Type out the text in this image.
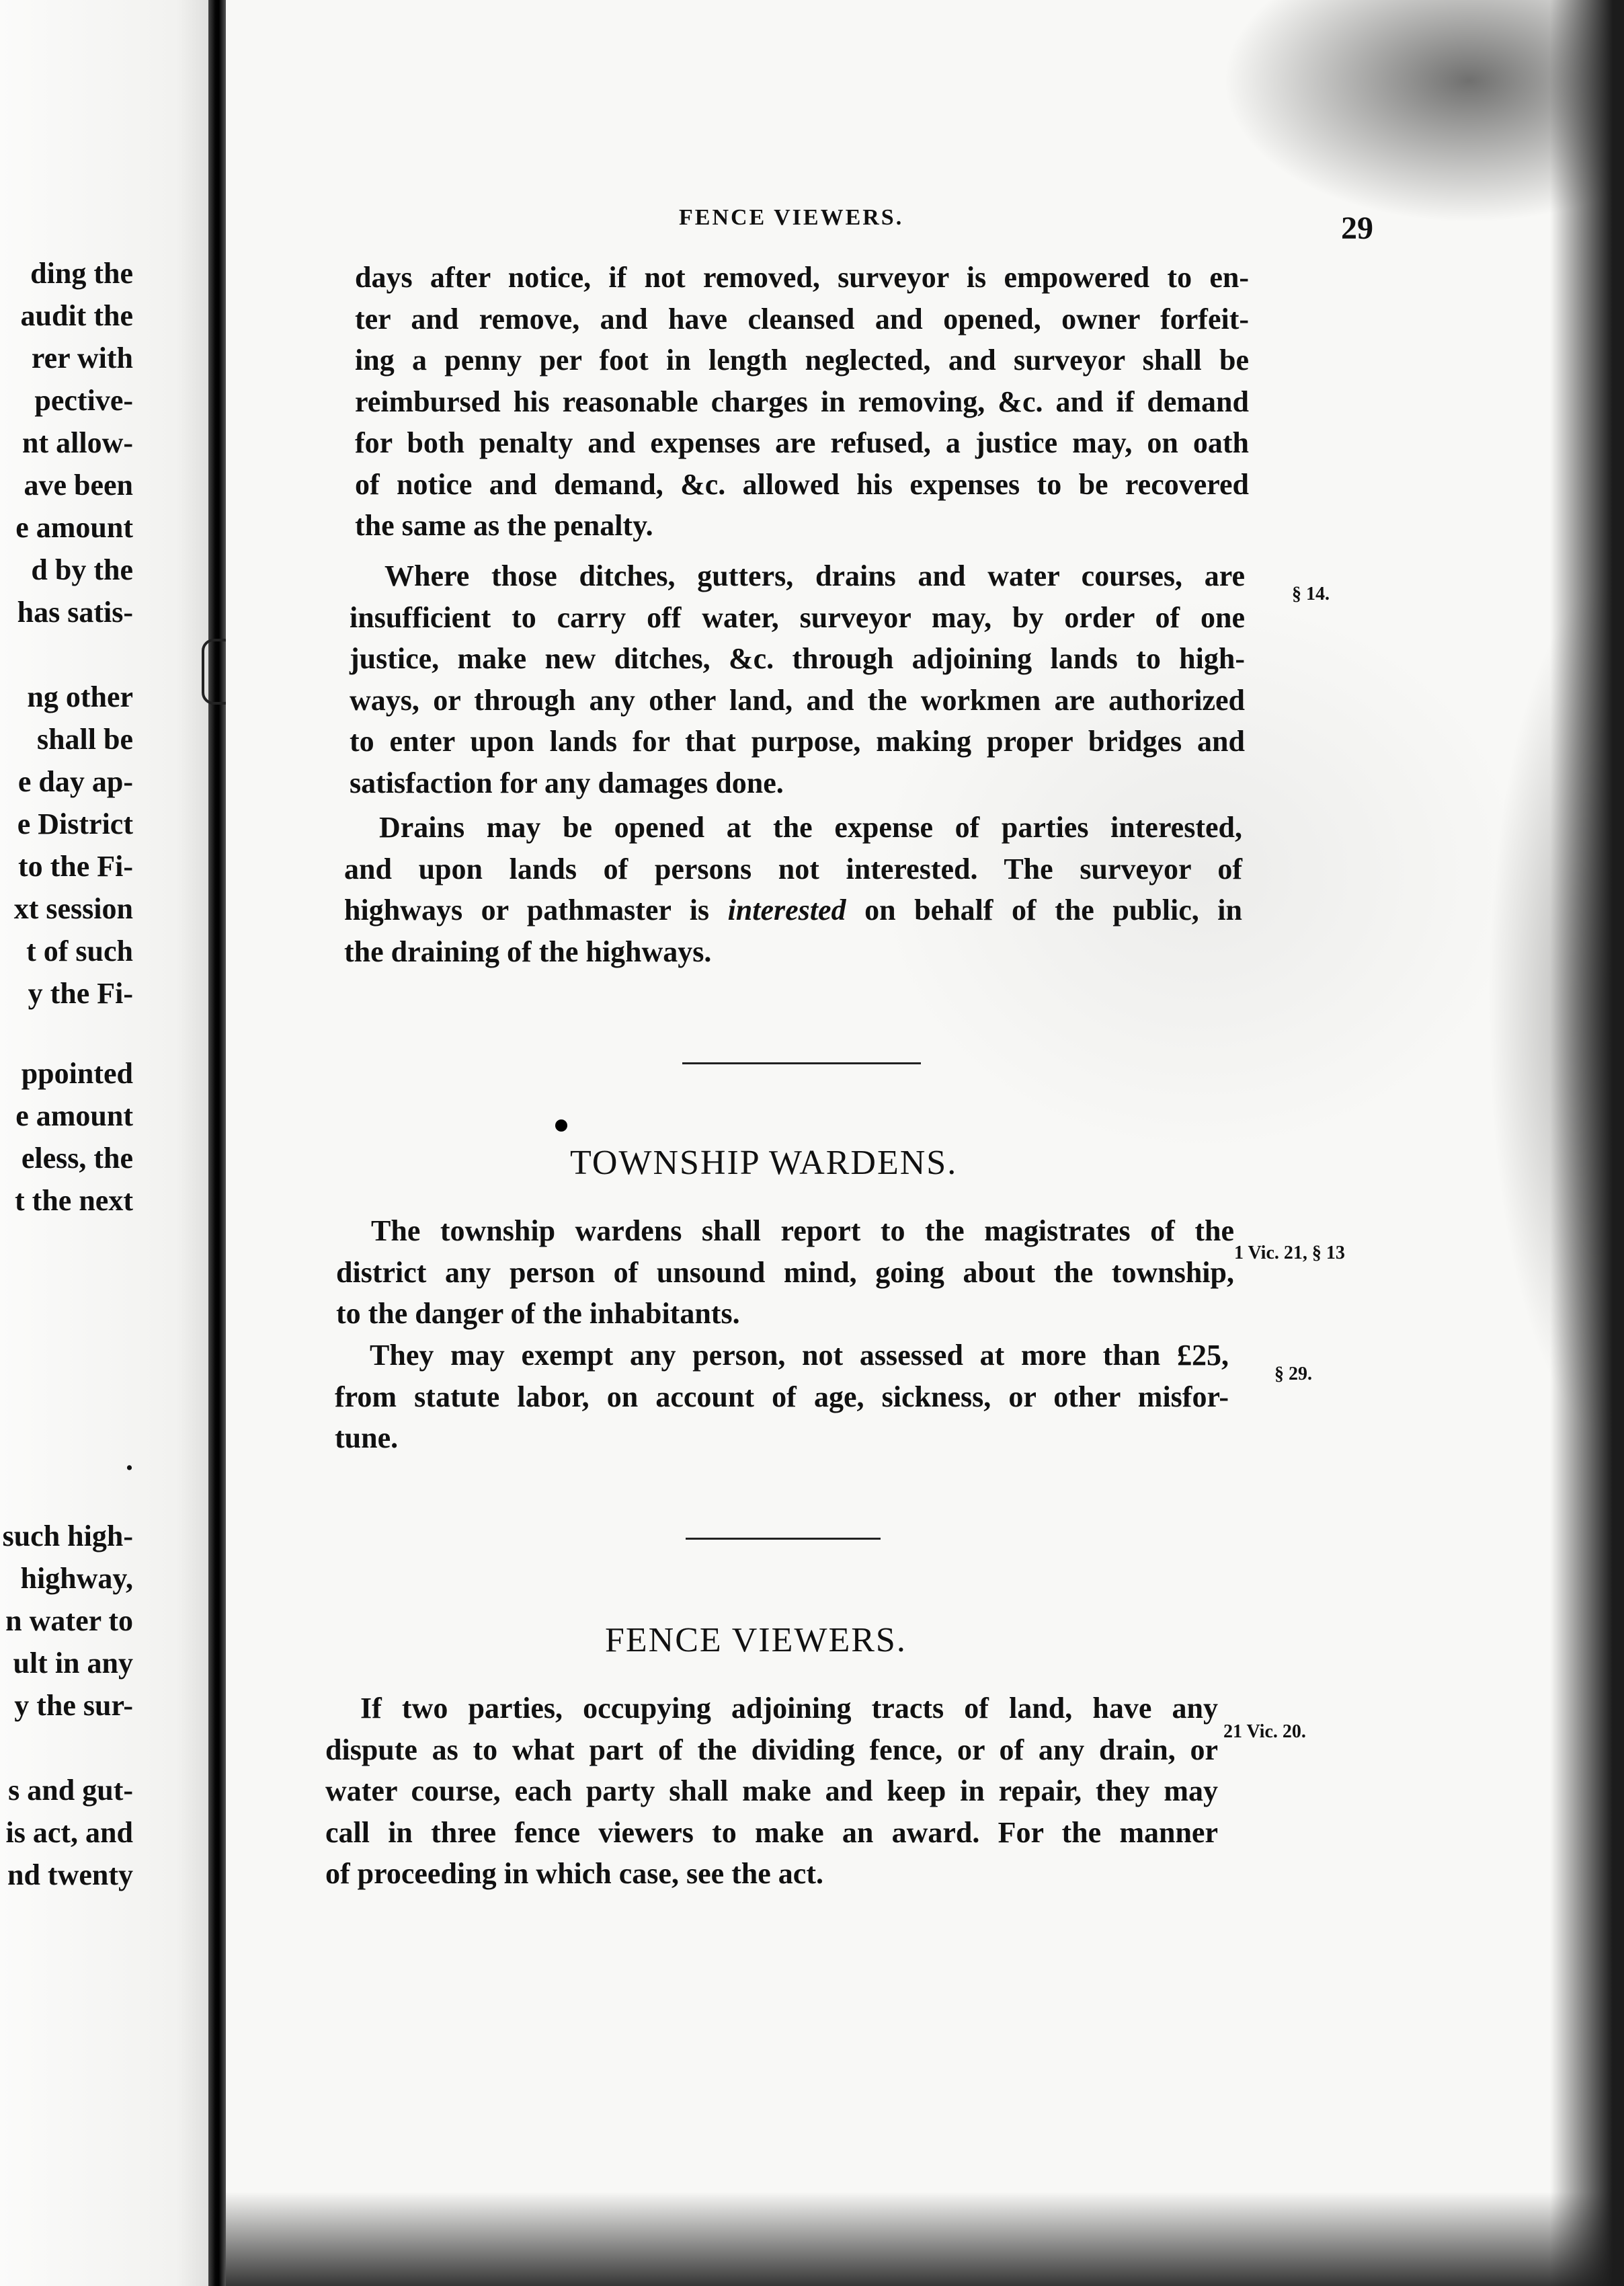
ding the
audit the
rer with
pective-
nt allow-
ave been
e amount
d by the
has satis-
ng other
shall be
e day ap-
e District
to the Fi-
xt session
t of such
y the Fi-
ppointed
e amount
eless, the
t the next
.
such high-
highway,
n water to
ult in any
y the sur-
s and gut-
is act, and
nd twenty
FENCE VIEWERS.	29
days after notice, if not removed, surveyor is empowered to en-
ter and remove, and have cleansed and opened, owner forfeit-
ing a penny per foot in length neglected, and surveyor shall be
reimbursed his reasonable charges in removing, &c. and if demand
for both penalty and expenses are refused, a justice may, on oath
of notice and demand, &c. allowed his expenses to be recovered
the same as the penalty.
Where those ditches, gutters, drains and water courses, are
insufficient to carry off water, surveyor may, by order of one
justice, make new ditches, &c. through adjoining lands to high-
ways, or through any other land, and the workmen are authorized
to enter upon lands for that purpose, making proper bridges and
satisfaction for any damages done.
§ 14.
Drains may be opened at the expense of parties interested,
and upon lands of persons not interested. The surveyor of
highways or pathmaster is interested on behalf of the public, in
the draining of the highways.
TOWNSHIP WARDENS.
The township wardens shall report to the magistrates of the
district any person of unsound mind, going about the township,
to the danger of the inhabitants.
1 Vic. 21, § 13
They may exempt any person, not assessed at more than £25,
from statute labor, on account of age, sickness, or other misfor-
tune.
§ 29.
FENCE VIEWERS.
If two parties, occupying adjoining tracts of land, have any
dispute as to what part of the dividing fence, or of any drain, or
water course, each party shall make and keep in repair, they may
call in three fence viewers to make an award. For the manner
of proceeding in which case, see the act.
21 Vic. 20.
